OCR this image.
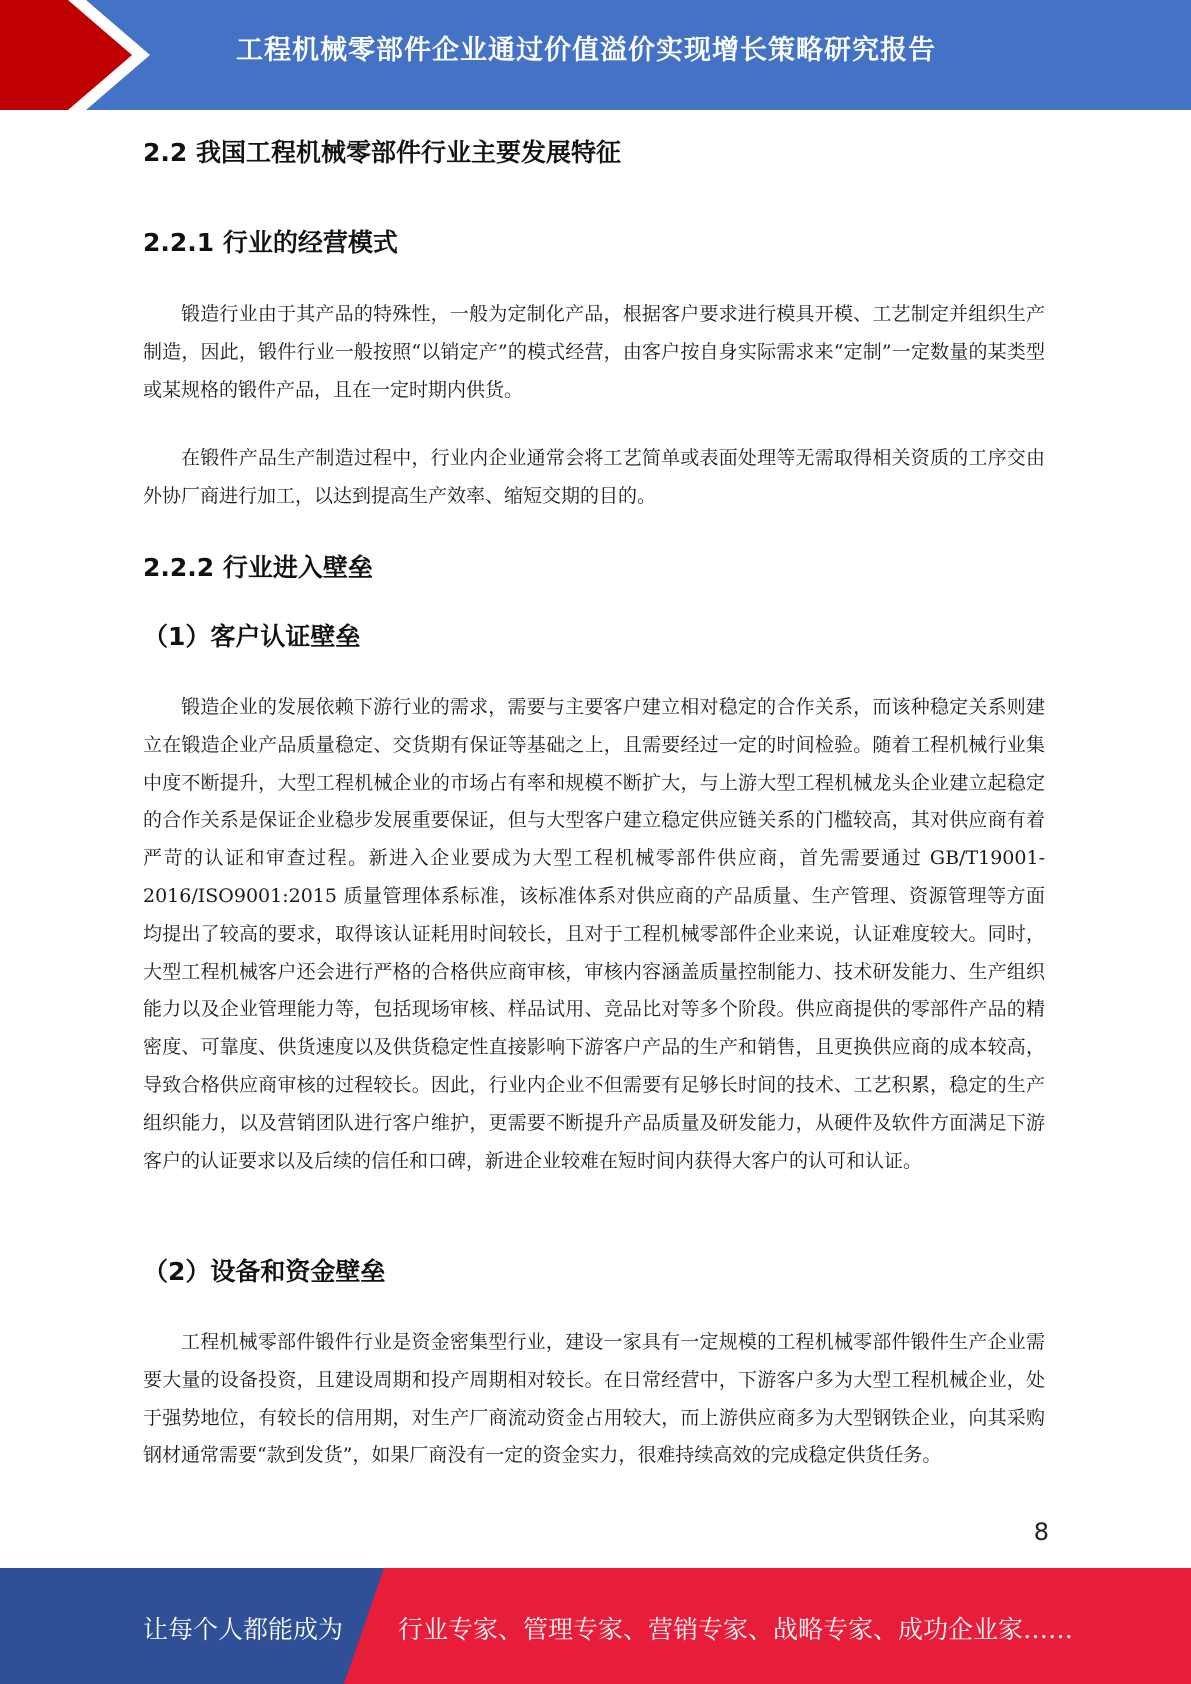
工程机械零部件企业通过价值溢价实现增长策略研究报告
2.2 我国工程机械零部件行业主要发展特征
2.2.1 行业的经营模式

锻造行业由于其产品的特殊性，一般为定制化产品，根据客户要求进行模具开模、工艺制定并组织生产制造，因此，锻件行业一般按照“以销定产”的模式经营，由客户按自身实际需求来“定制”一定数量的某类型或某规格的锻件产品，且在一定时期内供货。

在锻件产品生产制造过程中，行业内企业通常会将工艺简单或表面处理等无需取得相关资质的工序交由外协厂商进行加工，以达到提高生产效率、缩短交期的目的。

2.2.2 行业进入壁垒
（1）客户认证壁垒

锻造企业的发展依赖下游行业的需求，需要与主要客户建立相对稳定的合作关系，而该种稳定关系则建立在锻造企业产品质量稳定、交货期有保证等基础之上，且需要经过一定的时间检验。随着工程机械行业集中度不断提升，大型工程机械企业的市场占有率和规模不断扩大，与上游大型工程机械龙头企业建立起稳定的合作关系是保证企业稳步发展重要保证，但与大型客户建立稳定供应链关系的门槛较高，其对供应商有着严苛的认证和审查过程。新进入企业要成为大型工程机械零部件供应商，首先需要通过 GB/T19001-2016/ISO9001:2015 质量管理体系标准，该标准体系对供应商的产品质量、生产管理、资源管理等方面均提出了较高的要求，取得该认证耗用时间较长，且对于工程机械零部件企业来说，认证难度较大。同时，大型工程机械客户还会进行严格的合格供应商审核，审核内容涵盖质量控制能力、技术研发能力、生产组织能力以及企业管理能力等，包括现场审核、样品试用、竞品比对等多个阶段。供应商提供的零部件产品的精密度、可靠度、供货速度以及供货稳定性直接影响下游客户产品的生产和销售，且更换供应商的成本较高，导致合格供应商审核的过程较长。因此，行业内企业不但需要有足够长时间的技术、工艺积累，稳定的生产组织能力，以及营销团队进行客户维护，更需要不断提升产品质量及研发能力，从硬件及软件方面满足下游客户的认证要求以及后续的信任和口碑，新进企业较难在短时间内获得大客户的认可和认证。

（2）设备和资金壁垒

工程机械零部件锻件行业是资金密集型行业，建设一家具有一定规模的工程机械零部件锻件生产企业需要大量的设备投资，且建设周期和投产周期相对较长。在日常经营中，下游客户多为大型工程机械企业，处于强势地位，有较长的信用期，对生产厂商流动资金占用较大，而上游供应商多为大型钢铁企业，向其采购钢材通常需要“款到发货”，如果厂商没有一定的资金实力，很难持续高效的完成稳定供货任务。

8
让每个人都能成为 行业专家、管理专家、营销专家、战略专家、成功企业家……
